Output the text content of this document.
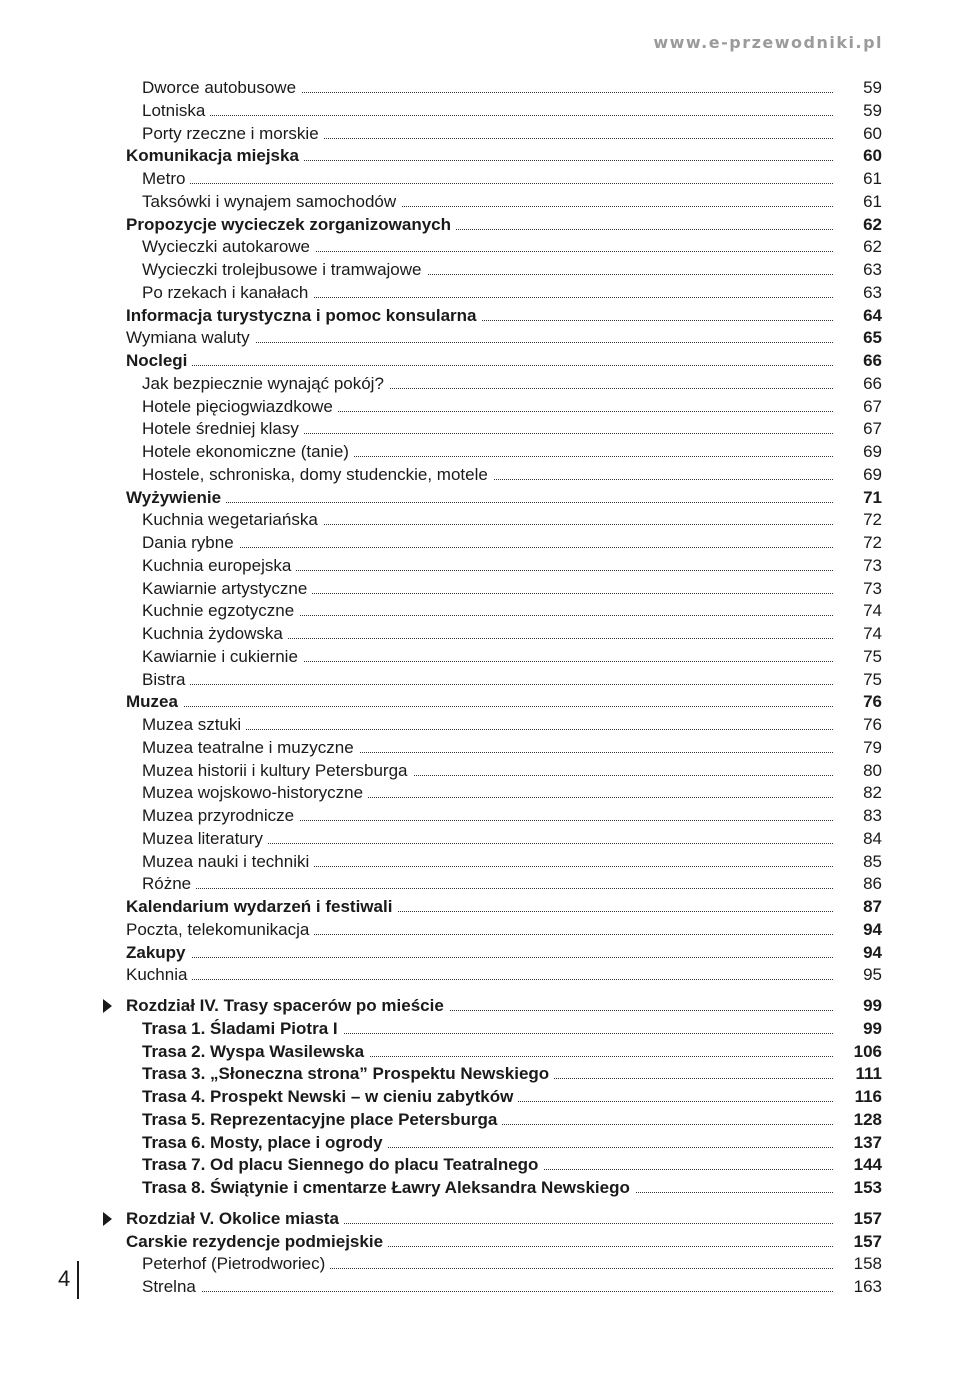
www.e-przewodniki.pl
Dworce autobusowe	59
Lotniska	59
Porty rzeczne i morskie	60
Komunikacja miejska	60
Metro	61
Taksówki i wynajem samochodów	61
Propozycje wycieczek zorganizowanych	62
Wycieczki autokarowe	62
Wycieczki trolejbusowe i tramwajowe	63
Po rzekach i kanałach	63
Informacja turystyczna i pomoc konsularna	64
Wymiana waluty	65
Noclegi	66
Jak bezpiecznie wynająć pokój?	66
Hotele pięciogwiazdkowe	67
Hotele średniej klasy	67
Hotele ekonomiczne (tanie)	69
Hostele, schroniska, domy studenckie, motele	69
Wyżywienie	71
Kuchnia wegetariańska	72
Dania rybne	72
Kuchnia europejska	73
Kawiarnie artystyczne	73
Kuchnie egzotyczne	74
Kuchnia żydowska	74
Kawiarnie i cukiernie	75
Bistra	75
Muzea	76
Muzea sztuki	76
Muzea teatralne i muzyczne	79
Muzea historii i kultury Petersburga	80
Muzea wojskowo-historyczne	82
Muzea przyrodnicze	83
Muzea literatury	84
Muzea nauki i techniki	85
Różne	86
Kalendarium wydarzeń i festiwali	87
Poczta, telekomunikacja	94
Zakupy	94
Kuchnia	95
Rozdział IV. Trasy spacerów po mieście	99
Trasa 1. Śladami Piotra I	99
Trasa 2. Wyspa Wasilewska	106
Trasa 3. „Słoneczna strona” Prospektu Newskiego	111
Trasa 4. Prospekt Newski – w cieniu zabytków	116
Trasa 5. Reprezentacyjne place Petersburga	128
Trasa 6. Mosty, place i ogrody	137
Trasa 7. Od placu Siennego do placu Teatralnego	144
Trasa 8. Świątynie i cmentarze Ławry Aleksandra Newskiego	153
Rozdział V. Okolice miasta	157
Carskie rezydencje podmiejskie	157
Peterhof (Pietrodworiec)	158
Strelna	163
4
